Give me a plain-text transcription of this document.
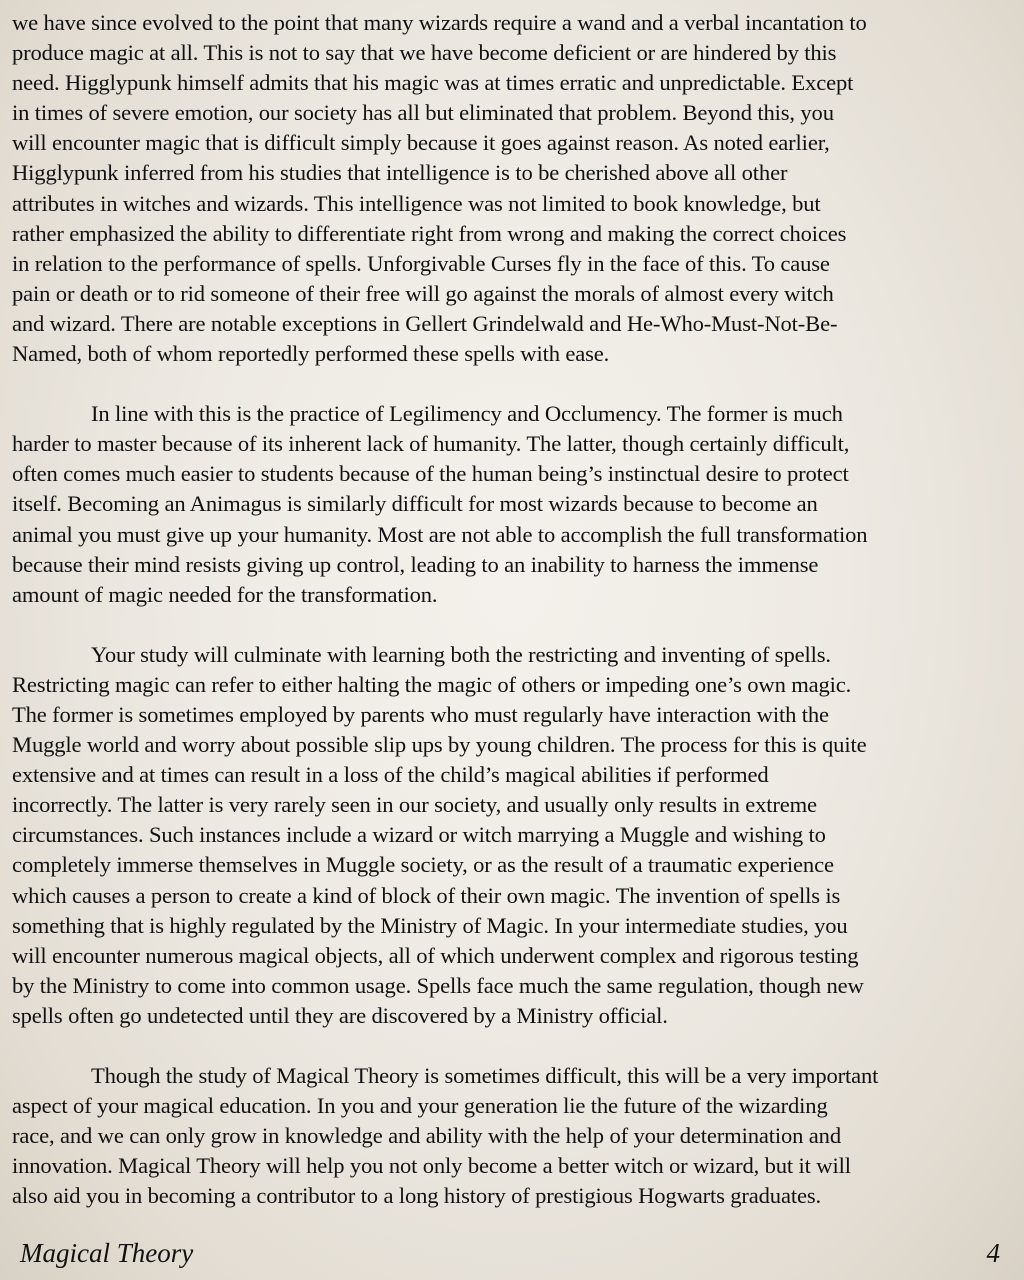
we have since evolved to the point that many wizards require a wand and a verbal incantation to
produce magic at all. This is not to say that we have become deficient or are hindered by this
need. Higglypunk himself admits that his magic was at times erratic and unpredictable. Except
in times of severe emotion, our society has all but eliminated that problem. Beyond this, you
will encounter magic that is difficult simply because it goes against reason. As noted earlier,
Higglypunk inferred from his studies that intelligence is to be cherished above all other
attributes in witches and wizards. This intelligence was not limited to book knowledge, but
rather emphasized the ability to differentiate right from wrong and making the correct choices
in relation to the performance of spells. Unforgivable Curses fly in the face of this. To cause
pain or death or to rid someone of their free will go against the morals of almost every witch
and wizard. There are notable exceptions in Gellert Grindelwald and He-Who-Must-Not-Be-
Named, both of whom reportedly performed these spells with ease.
In line with this is the practice of Legilimency and Occlumency. The former is much
harder to master because of its inherent lack of humanity. The latter, though certainly difficult,
often comes much easier to students because of the human being’s instinctual desire to protect
itself. Becoming an Animagus is similarly difficult for most wizards because to become an
animal you must give up your humanity. Most are not able to accomplish the full transformation
because their mind resists giving up control, leading to an inability to harness the immense
amount of magic needed for the transformation.
Your study will culminate with learning both the restricting and inventing of spells.
Restricting magic can refer to either halting the magic of others or impeding one’s own magic.
The former is sometimes employed by parents who must regularly have interaction with the
Muggle world and worry about possible slip ups by young children. The process for this is quite
extensive and at times can result in a loss of the child’s magical abilities if performed
incorrectly. The latter is very rarely seen in our society, and usually only results in extreme
circumstances. Such instances include a wizard or witch marrying a Muggle and wishing to
completely immerse themselves in Muggle society, or as the result of a traumatic experience
which causes a person to create a kind of block of their own magic. The invention of spells is
something that is highly regulated by the Ministry of Magic. In your intermediate studies, you
will encounter numerous magical objects, all of which underwent complex and rigorous testing
by the Ministry to come into common usage. Spells face much the same regulation, though new
spells often go undetected until they are discovered by a Ministry official.
Though the study of Magical Theory is sometimes difficult, this will be a very important
aspect of your magical education. In you and your generation lie the future of the wizarding
race, and we can only grow in knowledge and ability with the help of your determination and
innovation. Magical Theory will help you not only become a better witch or wizard, but it will
also aid you in becoming a contributor to a long history of prestigious Hogwarts graduates.
Magical Theory	4
